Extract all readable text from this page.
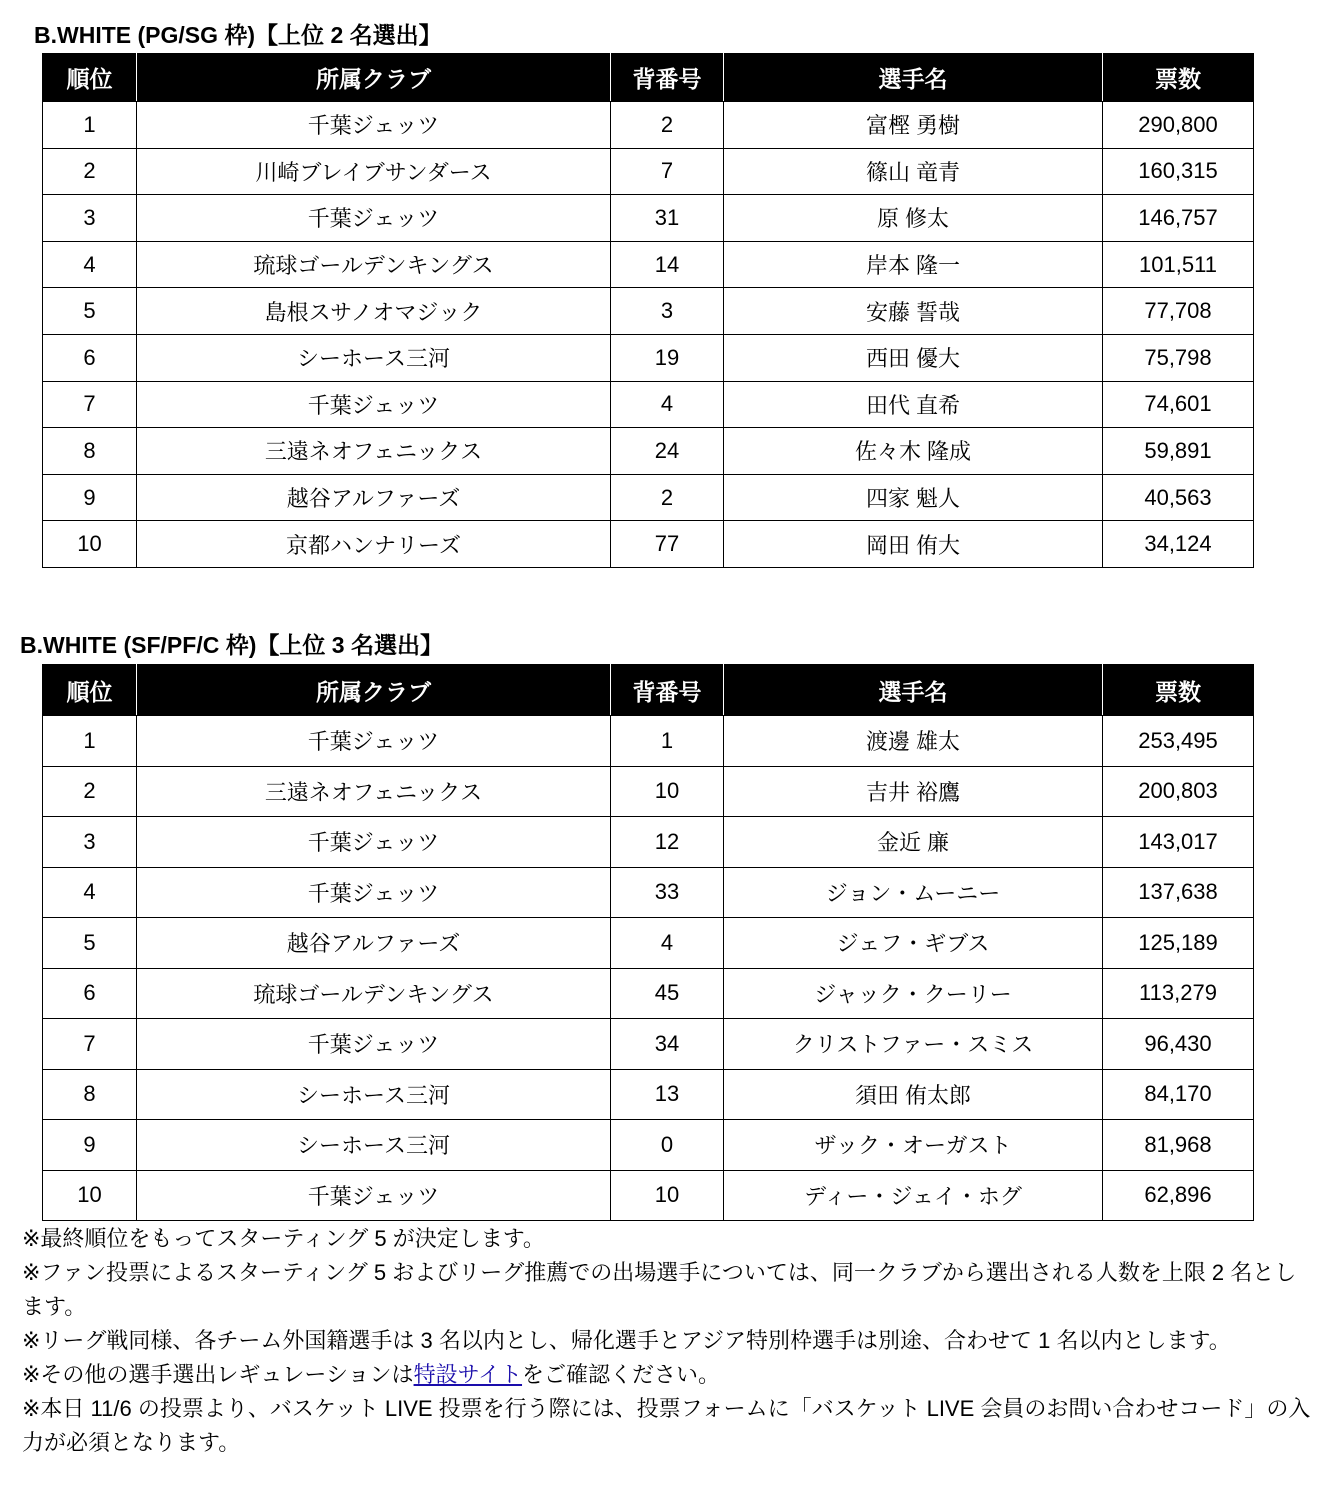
B.WHITE (PG/SG 枠)【上位 2 名選出】
順位	所属クラブ	背番号	選手名	票数
1	千葉ジェッツ	2	富樫 勇樹	290,800
2	川崎ブレイブサンダース	7	篠山 竜青	160,315
3	千葉ジェッツ	31	原 修太	146,757
4	琉球ゴールデンキングス	14	岸本 隆一	101,511
5	島根スサノオマジック	3	安藤 誓哉	77,708
6	シーホース三河	19	西田 優大	75,798
7	千葉ジェッツ	4	田代 直希	74,601
8	三遠ネオフェニックス	24	佐々木 隆成	59,891
9	越谷アルファーズ	2	四家 魁人	40,563
10	京都ハンナリーズ	77	岡田 侑大	34,124
B.WHITE (SF/PF/C 枠)【上位 3 名選出】
順位	所属クラブ	背番号	選手名	票数
1	千葉ジェッツ	1	渡邊 雄太	253,495
2	三遠ネオフェニックス	10	吉井 裕鷹	200,803
3	千葉ジェッツ	12	金近 廉	143,017
4	千葉ジェッツ	33	ジョン・ムーニー	137,638
5	越谷アルファーズ	4	ジェフ・ギブス	125,189
6	琉球ゴールデンキングス	45	ジャック・クーリー	113,279
7	千葉ジェッツ	34	クリストファー・スミス	96,430
8	シーホース三河	13	須田 侑太郎	84,170
9	シーホース三河	0	ザック・オーガスト	81,968
10	千葉ジェッツ	10	ディー・ジェイ・ホグ	62,896

※最終順位をもってスターティング 5 が決定します。

※ファン投票によるスターティング 5 およびリーグ推薦での出場選手については、同一クラブから選出される人数を上限 2 名とします。

※リーグ戦同様、各チーム外国籍選手は 3 名以内とし、帰化選手とアジア特別枠選手は別途、合わせて 1 名以内とします。

※その他の選手選出レギュレーションは特設サイトをご確認ください。

※本日 11/6 の投票より、バスケット LIVE 投票を行う際には、投票フォームに「バスケット LIVE 会員のお問い合わせコード」の入力が必須となります。
